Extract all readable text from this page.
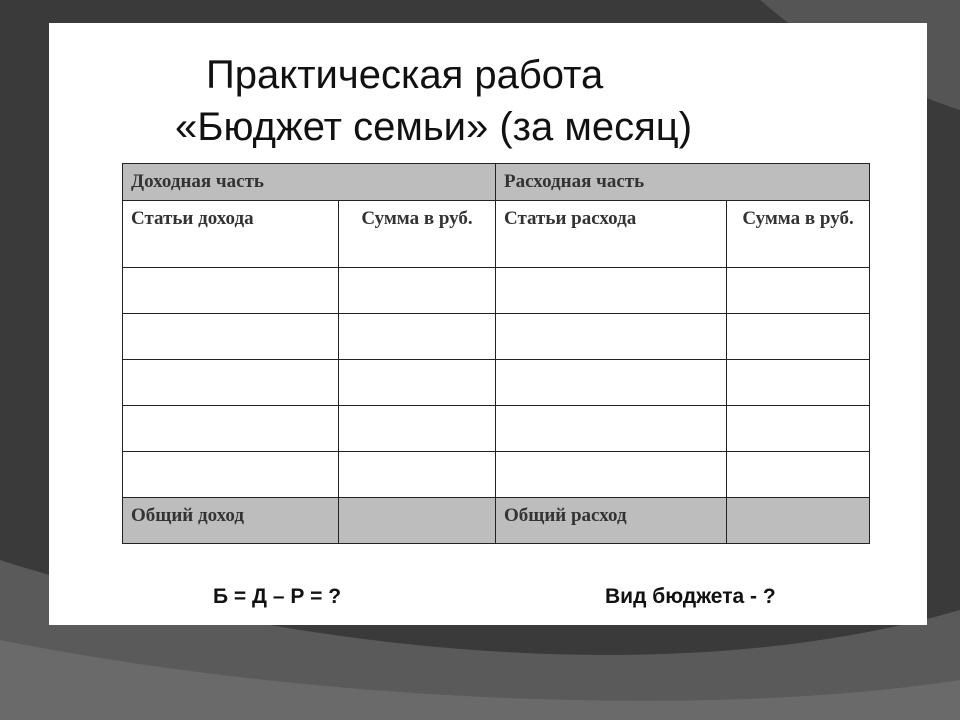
Практическая работа
«Бюджет семьи» (за месяц)
Доходная часть		Расходная часть	
Статьи дохода	Сумма в руб.	Статьи расхода	Сумма в руб.

Общий доход		Общий расход	
Б = Д – Р = ?	Вид бюджета - ?
